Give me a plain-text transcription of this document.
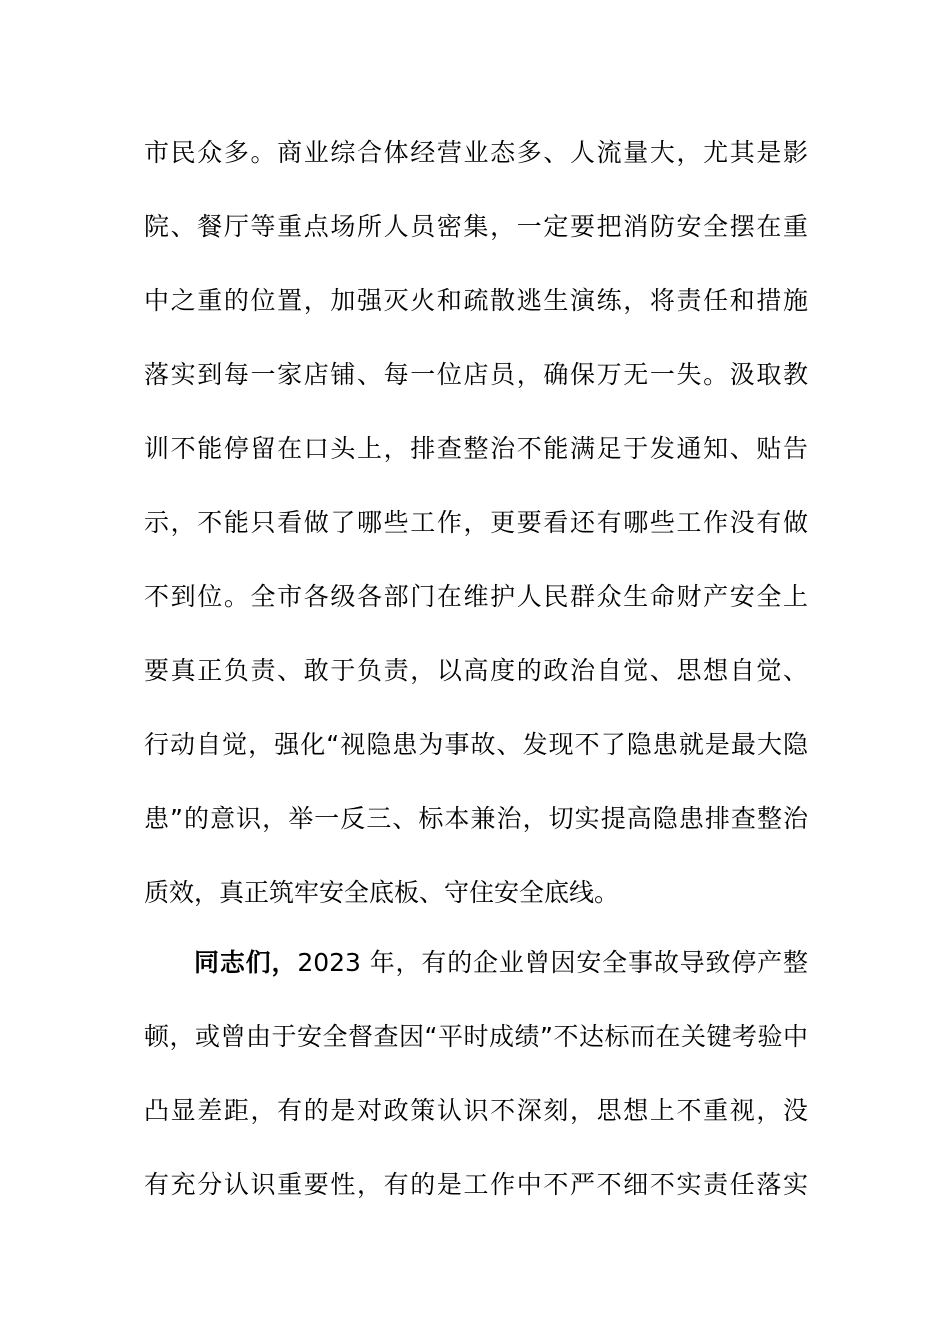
市民众多。商业综合体经营业态多、人流量大，尤其是影
院、餐厅等重点场所人员密集，一定要把消防安全摆在重
中之重的位置，加强灭火和疏散逃生演练，将责任和措施
落实到每一家店铺、每一位店员，确保万无一失。汲取教
训不能停留在口头上，排查整治不能满足于发通知、贴告
示，不能只看做了哪些工作，更要看还有哪些工作没有做
不到位。全市各级各部门在维护人民群众生命财产安全上
要真正负责、敢于负责，以高度的政治自觉、思想自觉、
行动自觉，强化“视隐患为事故、发现不了隐患就是最大隐
患”的意识，举一反三、标本兼治，切实提高隐患排查整治
质效，真正筑牢安全底板、守住安全底线。
同志们，2023 年，有的企业曾因安全事故导致停产整
顿，或曾由于安全督查因“平时成绩”不达标而在关键考验中
凸显差距，有的是对政策认识不深刻，思想上不重视，没
有充分认识重要性，有的是工作中不严不细不实责任落实
